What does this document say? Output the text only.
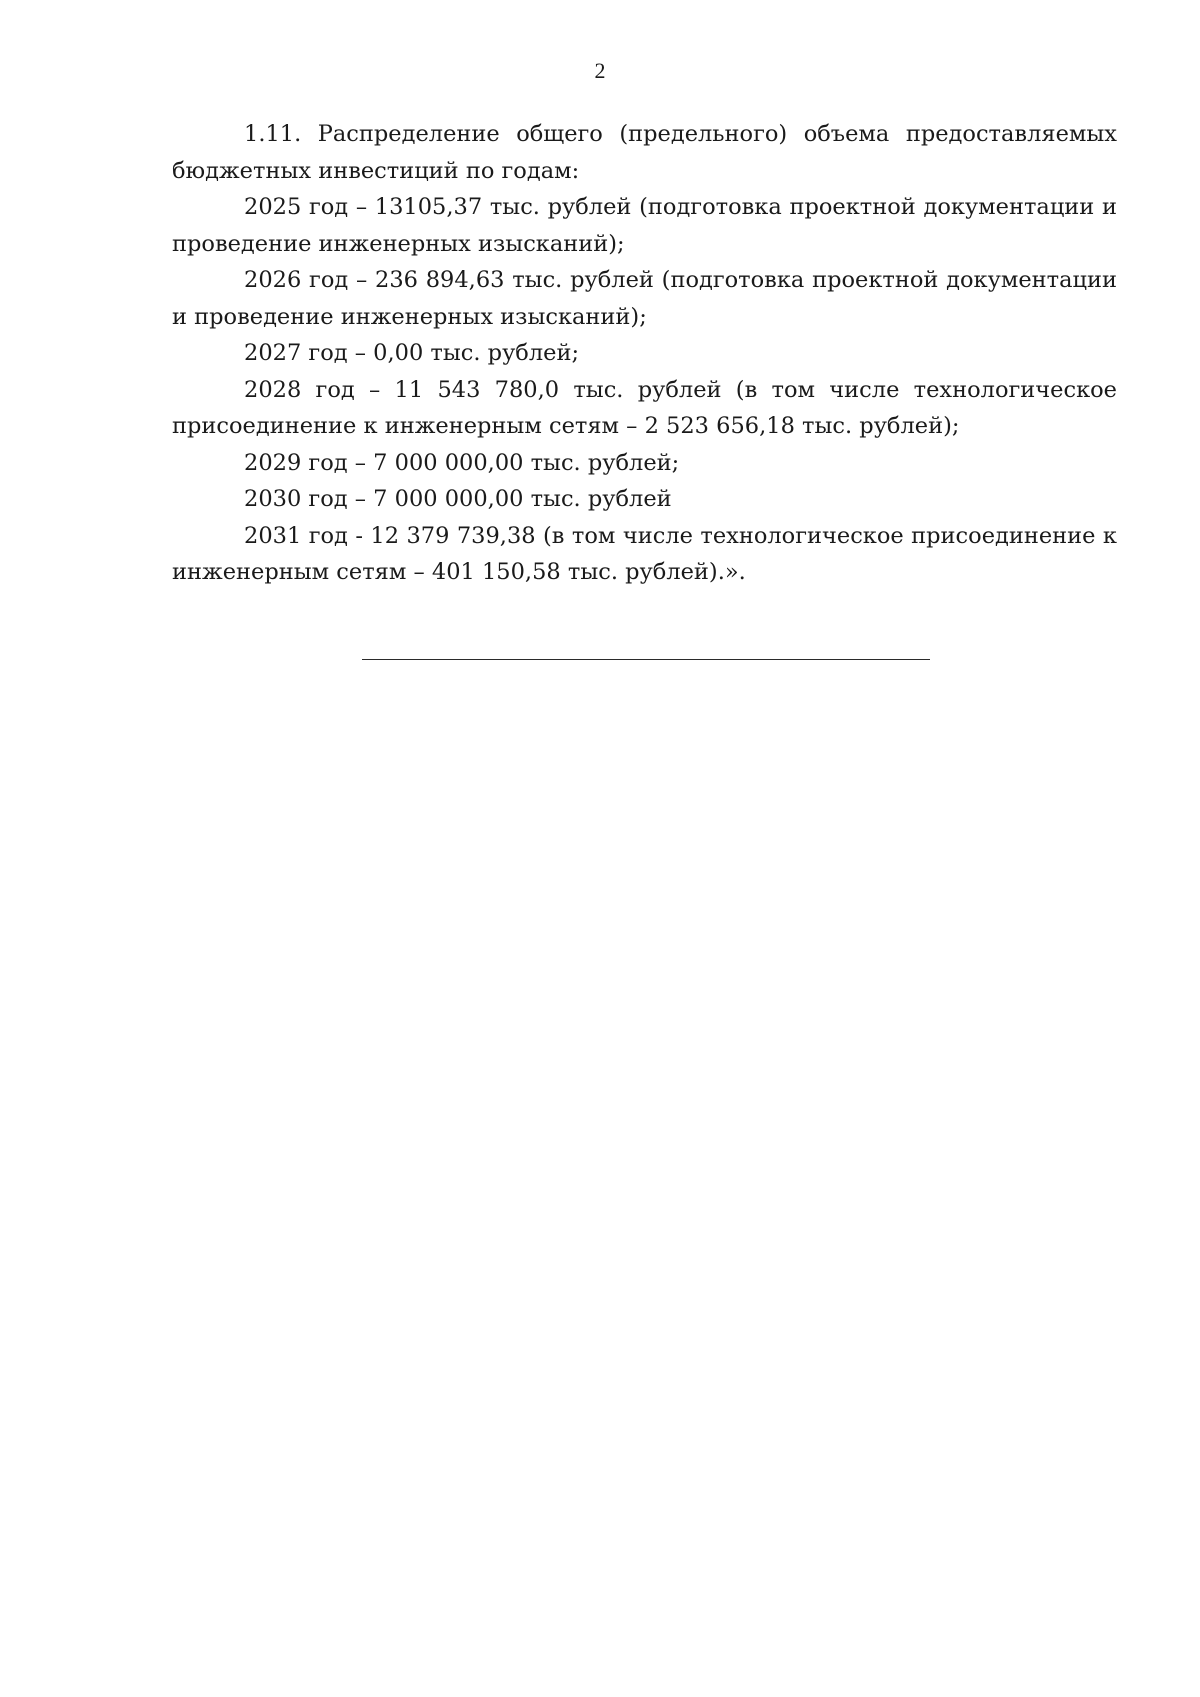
2

1.11. Распределение общего (предельного) объема предоставляемых бюджетных инвестиций по годам:

2025 год – 13105,37 тыс. рублей (подготовка проектной документации и проведение инженерных изысканий);

2026 год – 236 894,63 тыс. рублей (подготовка проектной документации и проведение инженерных изысканий);

2027 год – 0,00 тыс. рублей;

2028 год – 11 543 780,0 тыс. рублей (в том числе технологическое присоединение к инженерным сетям – 2 523 656,18 тыс. рублей);

2029 год – 7 000 000,00 тыс. рублей;

2030 год – 7 000 000,00 тыс. рублей

2031 год - 12 379 739,38 (в том числе технологическое присоединение к инженерным сетям – 401 150,58 тыс. рублей).».
